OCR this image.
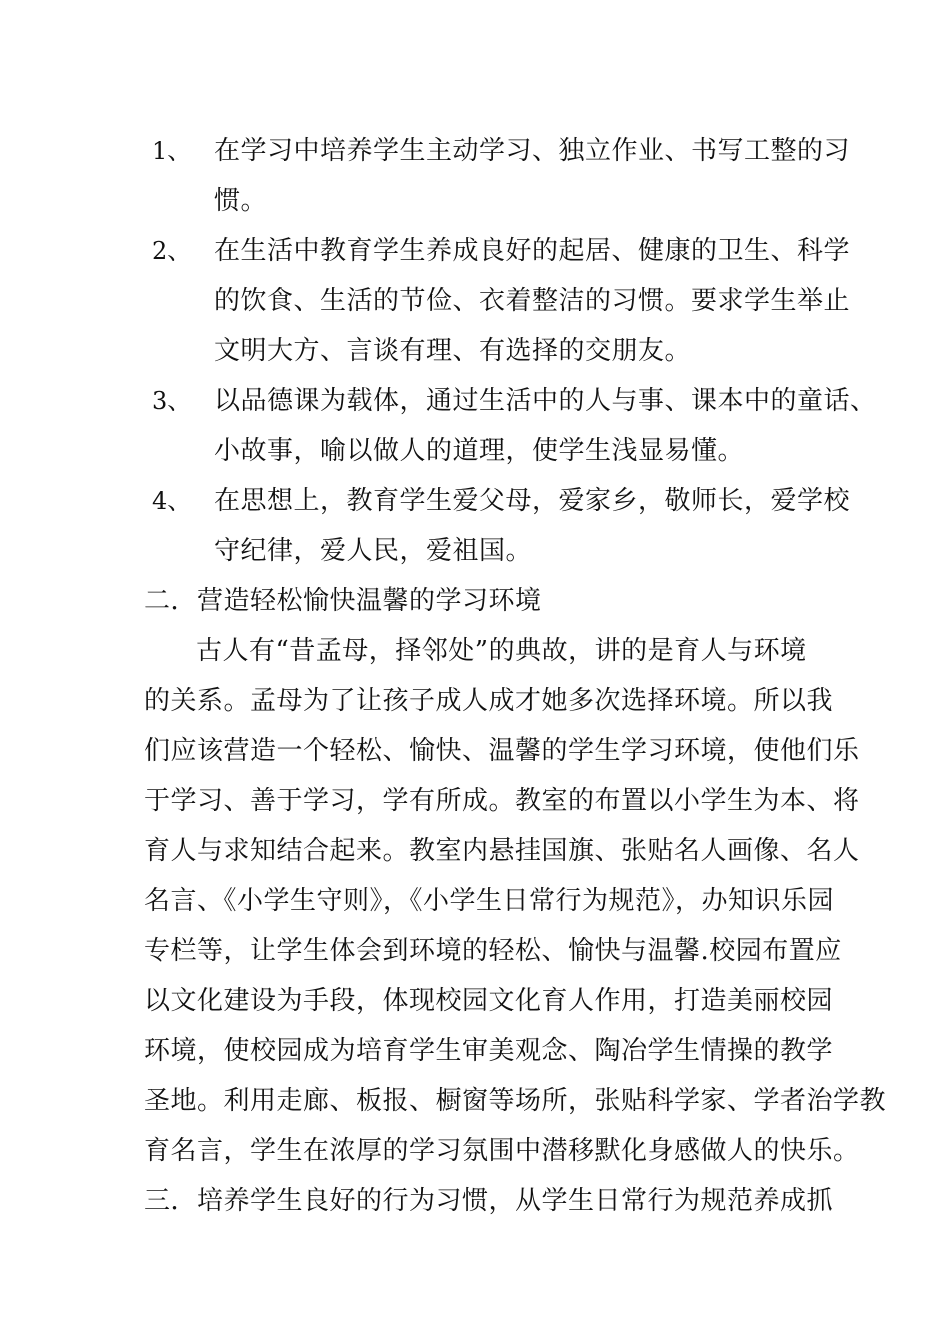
1、 在学习中培养学生主动学习、独立作业、书写工整的习
惯。
2、 在生活中教育学生养成良好的起居、健康的卫生、科学
的饮食、生活的节俭、衣着整洁的习惯。要求学生举止
文明大方、言谈有理、有选择的交朋友。
3、 以品德课为载体，通过生活中的人与事、课本中的童话、
小故事，喻以做人的道理，使学生浅显易懂。
4、 在思想上，教育学生爱父母，爱家乡，敬师长，爱学校
守纪律，爱人民，爱祖国。
二．营造轻松愉快温馨的学习环境
古人有“昔孟母，择邻处”的典故，讲的是育人与环境
的关系。孟母为了让孩子成人成才她多次选择环境。所以我
们应该营造一个轻松、愉快、温馨的学生学习环境，使他们乐
于学习、善于学习，学有所成。教室的布置以小学生为本、将
育人与求知结合起来。教室内悬挂国旗、张贴名人画像、名人
名言、《小学生守则》，《小学生日常行为规范》，办知识乐园
专栏等，让学生体会到环境的轻松、愉快与温馨.校园布置应
以文化建设为手段，体现校园文化育人作用，打造美丽校园
环境，使校园成为培育学生审美观念、陶冶学生情操的教学
圣地。利用走廊、板报、橱窗等场所，张贴科学家、学者治学教
育名言，学生在浓厚的学习氛围中潜移默化身感做人的快乐。
三．培养学生良好的行为习惯，从学生日常行为规范养成抓
